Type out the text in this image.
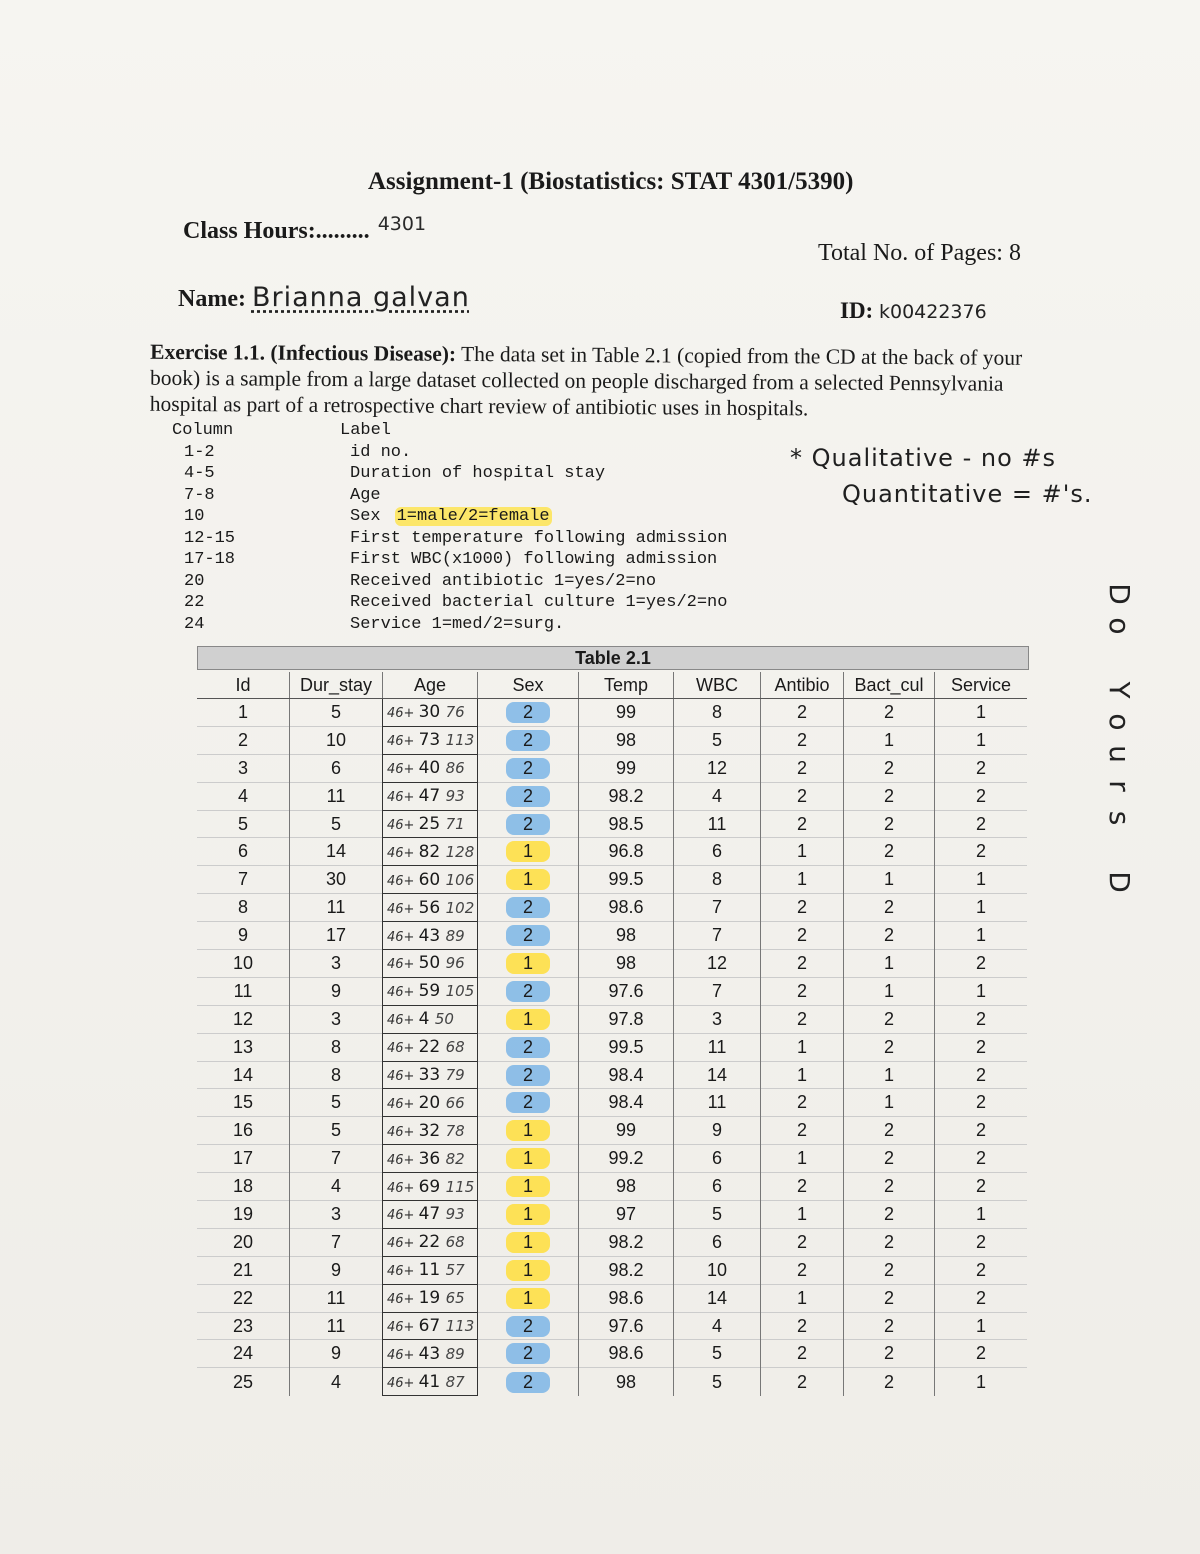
Assignment-1 (Biostatistics: STAT 4301/5390)
Class Hours:......... $^{4301}$
Total No. of Pages: 8
Name: Brianna galvan	ID: k00422376
Exercise 1.1. (Infectious Disease): The data set in Table 2.1 (copied from the CD at the back of your book) is a sample from a large dataset collected on people discharged from a selected Pennsylvania hospital as part of a retrospective chart review of antibiotic uses in hospitals.
Column	Label
1-2	id no.
4-5	Duration of hospital stay
7-8	Age
10	Sex 1=male/2=female
12-15	First temperature following admission
17-18	First WBC(x1000) following admission
20	Received antibiotic 1=yes/2=no
22	Received bacterial culture 1=yes/2=no
24	Service 1=med/2=surg.
* Qualitative - no #s
Quantitative = #'s.
Table 2.1
Id	Dur_stay	Age	Sex	Temp	WBC	Antibio	Bact_cul	Service
1	5	46+ 30 76	2	99	8	2	2	1
2	10	46+ 73 113	2	98	5	2	1	1
3	6	46+ 40 86	2	99	12	2	2	2
4	11	46+ 47 93	2	98.2	4	2	2	2
5	5	46+ 25 71	2	98.5	11	2	2	2
6	14	46+ 82 128	1	96.8	6	1	2	2
7	30	46+ 60 106	1	99.5	8	1	1	1
8	11	46+ 56 102	2	98.6	7	2	2	1
9	17	46+ 43 89	2	98	7	2	2	1
10	3	46+ 50 96	1	98	12	2	1	2
11	9	46+ 59 105	2	97.6	7	2	1	1
12	3	46+ 4 50	1	97.8	3	2	2	2
13	8	46+ 22 68	2	99.5	11	1	2	2
14	8	46+ 33 79	2	98.4	14	1	1	2
15	5	46+ 20 66	2	98.4	11	2	1	2
16	5	46+ 32 78	1	99	9	2	2	2
17	7	46+ 36 82	1	99.2	6	1	2	2
18	4	46+ 69 115	1	98	6	2	2	2
19	3	46+ 47 93	1	97	5	1	2	1
20	7	46+ 22 68	1	98.2	6	2	2	2
21	9	46+ 11 57	1	98.2	10	2	2	2
22	11	46+ 19 65	1	98.6	14	1	2	2
23	11	46+ 67 113	2	97.6	4	2	2	1
24	9	46+ 43 89	2	98.6	5	2	2	2
25	4	46+ 41 87	2	98	5	2	2	1
D
o

Y
o
u
r
s

D
